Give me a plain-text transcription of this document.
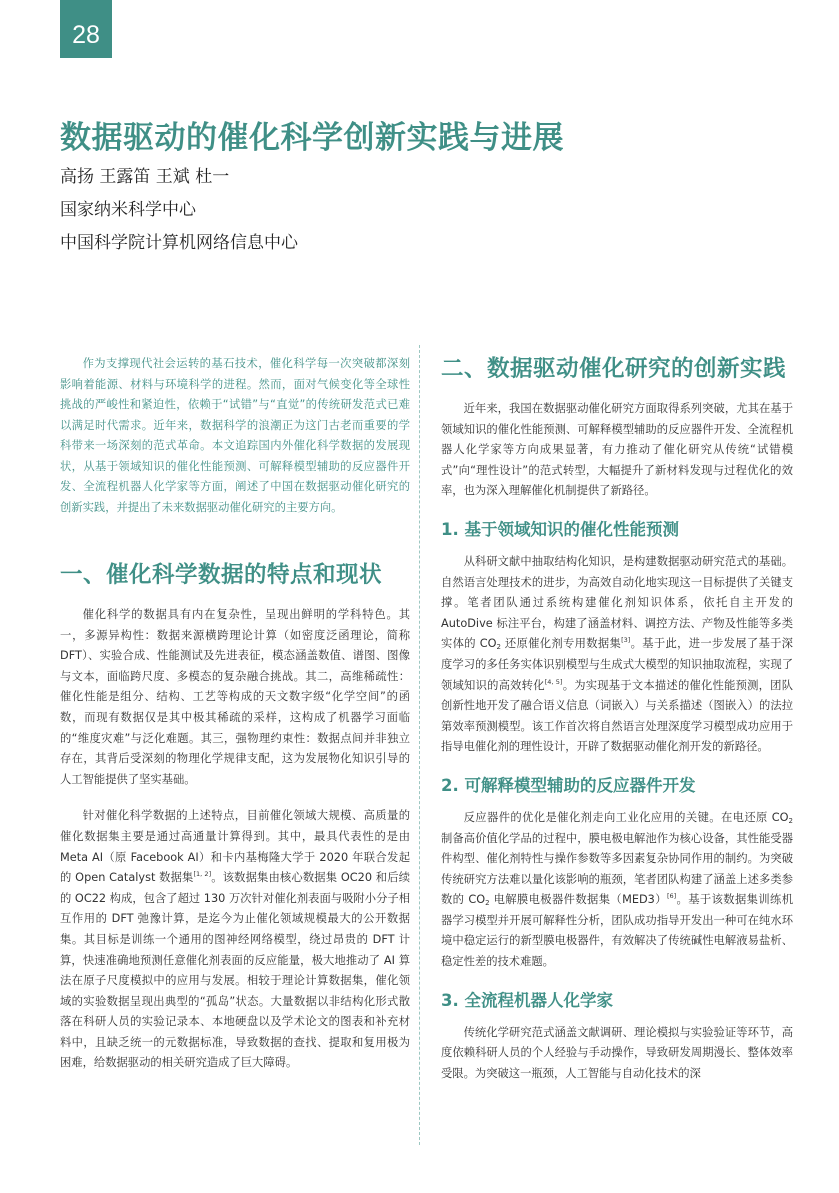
28
数据驱动的催化科学创新实践与进展

高扬 王露笛 王斌 杜一

国家纳米科学中心

中国科学院计算机网络信息中心

作为支撑现代社会运转的基石技术，催化科学每一次突破都深刻影响着能源、材料与环境科学的进程。然而，面对气候变化等全球性挑战的严峻性和紧迫性，依赖于“试错”与“直觉”的传统研发范式已难以满足时代需求。近年来，数据科学的浪潮正为这门古老而重要的学科带来一场深刻的范式革命。本文追踪国内外催化科学数据的发展现状，从基于领域知识的催化性能预测、可解释模型辅助的反应器件开发、全流程机器人化学家等方面，阐述了中国在数据驱动催化研究的创新实践，并提出了未来数据驱动催化研究的主要方向。

一、催化科学数据的特点和现状

催化科学的数据具有内在复杂性，呈现出鲜明的学科特色。其一，多源异构性：数据来源横跨理论计算（如密度泛函理论，简称 DFT）、实验合成、性能测试及先进表征，模态涵盖数值、谱图、图像与文本，面临跨尺度、多模态的复杂融合挑战。其二，高维稀疏性：催化性能是组分、结构、工艺等构成的天文数字级“化学空间”的函数，而现有数据仅是其中极其稀疏的采样，这构成了机器学习面临的“维度灾难”与泛化难题。其三，强物理约束性：数据点间并非独立存在，其背后受深刻的物理化学规律支配，这为发展物化知识引导的人工智能提供了坚实基础。

针对催化科学数据的上述特点，目前催化领域大规模、高质量的催化数据集主要是通过高通量计算得到。其中，最具代表性的是由 Meta AI（原 Facebook AI）和卡内基梅隆大学于 2020 年联合发起的 Open Catalyst 数据集[1, 2]。该数据集由核心数据集 OC20 和后续的 OC22 构成，包含了超过 130 万次针对催化剂表面与吸附小分子相互作用的 DFT 弛豫计算，是迄今为止催化领域规模最大的公开数据集。其目标是训练一个通用的图神经网络模型，绕过昂贵的 DFT 计算，快速准确地预测任意催化剂表面的反应能量，极大地推动了 AI 算法在原子尺度模拟中的应用与发展。相较于理论计算数据集，催化领域的实验数据呈现出典型的“孤岛”状态。大量数据以非结构化形式散落在科研人员的实验记录本、本地硬盘以及学术论文的图表和补充材料中，且缺乏统一的元数据标准，导致数据的查找、提取和复用极为困难，给数据驱动的相关研究造成了巨大障碍。

二、数据驱动催化研究的创新实践

近年来，我国在数据驱动催化研究方面取得系列突破，尤其在基于领域知识的催化性能预测、可解释模型辅助的反应器件开发、全流程机器人化学家等方向成果显著，有力推动了催化研究从传统“试错模式”向“理性设计”的范式转型，大幅提升了新材料发现与过程优化的效率，也为深入理解催化机制提供了新路径。

1. 基于领域知识的催化性能预测

从科研文献中抽取结构化知识，是构建数据驱动研究范式的基础。自然语言处理技术的进步，为高效自动化地实现这一目标提供了关键支撑。笔者团队通过系统构建催化剂知识体系，依托自主开发的 AutoDive 标注平台，构建了涵盖材料、调控方法、产物及性能等多类实体的 $CO_2$ 还原催化剂专用数据集[3]。基于此，进一步发展了基于深度学习的多任务实体识别模型与生成式大模型的知识抽取流程，实现了领域知识的高效转化[4, 5]。为实现基于文本描述的催化性能预测，团队创新性地开发了融合语义信息（词嵌入）与关系描述（图嵌入）的法拉第效率预测模型。该工作首次将自然语言处理深度学习模型成功应用于指导电催化剂的理性设计，开辟了数据驱动催化剂开发的新路径。

2. 可解释模型辅助的反应器件开发

反应器件的优化是催化剂走向工业化应用的关键。在电还原 $CO_2$ 制备高价值化学品的过程中，膜电极电解池作为核心设备，其性能受器件构型、催化剂特性与操作参数等多因素复杂协同作用的制约。为突破传统研究方法难以量化该影响的瓶颈，笔者团队构建了涵盖上述多类参数的 $CO_2$ 电解膜电极器件数据集（MED3）[6]。基于该数据集训练机器学习模型并开展可解释性分析，团队成功指导开发出一种可在纯水环境中稳定运行的新型膜电极器件，有效解决了传统碱性电解液易盐析、稳定性差的技术难题。

3. 全流程机器人化学家

传统化学研究范式涵盖文献调研、理论模拟与实验验证等环节，高度依赖科研人员的个人经验与手动操作，导致研发周期漫长、整体效率受限。为突破这一瓶颈，人工智能与自动化技术的深
